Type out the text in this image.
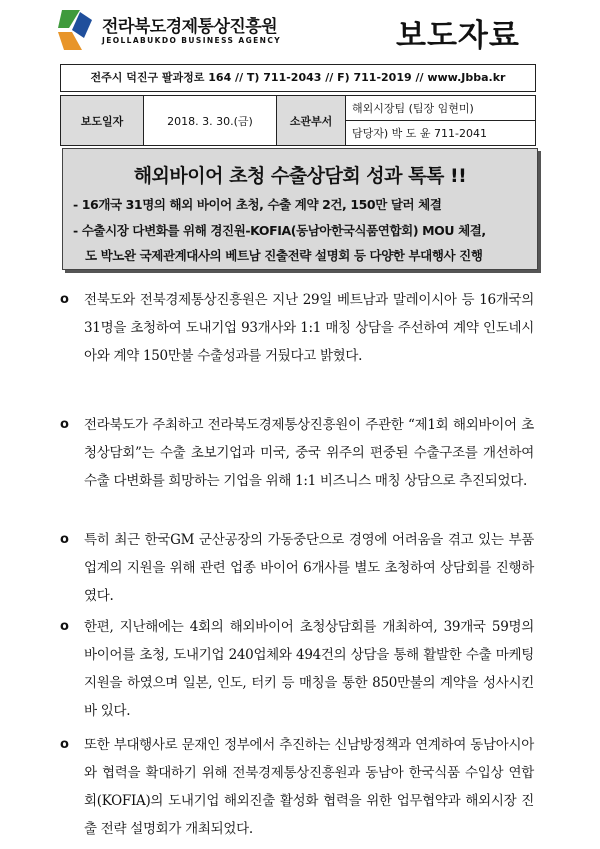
전라북도경제통상진흥원
JEOLLABUKDO BUSINESS AGENCY	보도자료
전주시 덕진구 팔과정로 164 // T) 711-2043 // F) 711-2019 // www.Jbba.kr
보도일자	2018. 3. 30.(금)	소관부서	해외시장팀 (팀장 임현미)
담당자) 박 도 윤 711-2041
해외바이어 초청 수출상담회 성과 톡톡 !!
- 16개국 31명의 해외 바이어 초청, 수출 계약 2건, 150만 달러 체결
- 수출시장 다변화를 위해 경진원-KOFIA(동남아한국식품연합회) MOU 체결,
도 박노완 국제관계대사의 베트남 진출전략 설명회 등 다양한 부대행사 진행
o 전북도와 전북경제통상진흥원은 지난 29일 베트남과 말레이시아 등 16개국의 31명을 초청하여 도내기업 93개사와 1:1 매칭 상담을 주선하여 계약 인도네시아와 계약 150만불 수출성과를 거뒀다고 밝혔다.
o 전라북도가 주최하고 전라북도경제통상진흥원이 주관한 “제1회 해외바이어 초청상담회”는 수출 초보기업과 미국, 중국 위주의 편중된 수출구조를 개선하여 수출 다변화를 희망하는 기업을 위해 1:1 비즈니스 매칭 상담으로 추진되었다.
o 특히 최근 한국GM 군산공장의 가동중단으로 경영에 어려움을 겪고 있는 부품업계의 지원을 위해 관련 업종 바이어 6개사를 별도 초청하여 상담회를 진행하였다.
o 한편, 지난해에는 4회의 해외바이어 초청상담회를 개최하여, 39개국 59명의 바이어를 초청, 도내기업 240업체와 494건의 상담을 통해 활발한 수출 마케팅 지원을 하였으며 일본, 인도, 터키 등 매칭을 통한 850만불의 계약을 성사시킨바 있다.
o 또한 부대행사로 문재인 정부에서 추진하는 신남방정책과 연계하여 동남아시아와 협력을 확대하기 위해 전북경제통상진흥원과 동남아 한국식품 수입상 연합회(KOFIA)의 도내기업 해외진출 활성화 협력을 위한 업무협약과 해외시장 진출 전략 설명회가 개최되었다.
